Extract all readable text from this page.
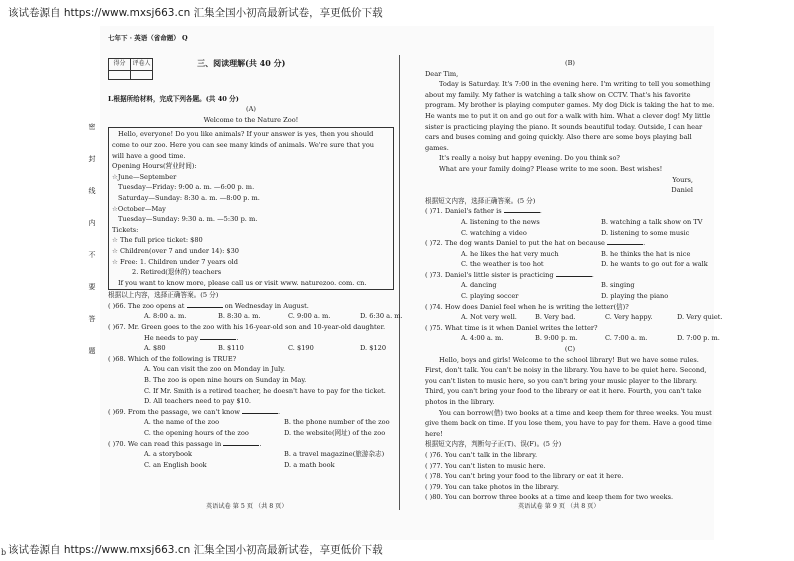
该试卷源自 https://www.mxsj663.cn 汇集全国小初高最新试卷，享更低价下载
七年下 · 英语（省命题） Q
密
封
线
内
不
要
答
题
得分	评卷人
		三、阅读理解(共 40 分)
Ⅰ.根据所给材料，完成下列各题。(共 40 分)
(A)
Welcome to the Nature Zoo!
Hello, everyone! Do you like animals? If your answer is yes, then you should
come to our zoo. Here you can see many kinds of animals. We're sure that you
will have a good time.
Opening Hours(营业时间):
☆June—September
Tuesday—Friday: 9:00 a. m. —6:00 p. m.
Saturday—Sunday: 8:30 a. m. —8:00 p. m.
☆October—May
Tuesday—Sunday: 9:30 a. m. —5:30 p. m.
Tickets:
☆ The full price ticket: $80
☆ Children(over 7 and under 14): $30
☆ Free: 1. Children under 7 years old
2. Retired(退休的) teachers
If you want to know more, please call us or visit www. naturezoo. com. cn.
根据以上内容，选择正确答案。(5 分)
( )66. The zoo opens at	on Wednesday in August.
A. 8:00 a. m.	B. 8:30 a. m.	C. 9:00 a. m.	D. 6:30 a. m.
( )67. Mr. Green goes to the zoo with his 16-year-old son and 10-year-old daughter.
He needs to pay	.
A. $80	B. $110	C. $190	D. $120
( )68. Which of the following is TRUE?
A. You can visit the zoo on Monday in July.
B. The zoo is open nine hours on Sunday in May.
C. If Mr. Smith is a retired teacher, he doesn't have to pay for the ticket.
D. All teachers need to pay $10.
( )69. From the passage, we can't know	.
A. the name of the zoo	B. the phone number of the zoo
C. the opening hours of the zoo	D. the website(网址) of the zoo
( )70. We can read this passage in	.
A. a storybook	B. a travel magazine(旅游杂志)
C. an English book	D. a math book
(B)
Dear Tim,
Today is Saturday. It's 7:00 in the evening here. I'm writing to tell you something about my family. My father is watching a talk show on CCTV. That's his favorite program. My brother is playing computer games. My dog Dick is taking the hat to me. He wants me to put it on and go out for a walk with him. What a clever dog! My little sister is practicing playing the piano. It sounds beautiful today. Outside, I can hear cars and buses coming and going quickly. Also there are some boys playing ball games.
It's really a noisy but happy evening. Do you think so?
What are your family doing? Please write to me soon. Best wishes!
Yours,
Daniel
根据短文内容，选择正确答案。(5 分)
( )71. Daniel's father is	.
A. listening to the news	B. watching a talk show on TV
C. watching a video	D. listening to some music
( )72. The dog wants Daniel to put the hat on because	.
A. he likes the hat very much	B. he thinks the hat is nice
C. the weather is too hot	D. he wants to go out for a walk
( )73. Daniel's little sister is practicing	.
A. dancing	B. singing
C. playing soccer	D. playing the piano
( )74. How does Daniel feel when he is writing the letter(信)?
A. Not very well.	B. Very bad.	C. Very happy.	D. Very quiet.
( )75. What time is it when Daniel writes the letter?
A. 4:00 a. m.	B. 9:00 p. m.	C. 7:00 a. m.	D. 7:00 p. m.
(C)
Hello, boys and girls! Welcome to the school library! But we have some rules. First, don't talk. You can't be noisy in the library. You have to be quiet here. Second, you can't listen to music here, so you can't bring your music player to the library. Third, you can't bring your food to the library or eat it here. Fourth, you can't take photos in the library.
You can borrow(借) two books at a time and keep them for three weeks. You must give them back on time. If you lose them, you have to pay for them. Have a good time here!
根据短文内容，判断句子正(T)、误(F)。(5 分)
( )76. You can't talk in the library.
( )77. You can't listen to music here.
( )78. You can't bring your food to the library or eat it here.
( )79. You can take photos in the library.
( )80. You can borrow three books at a time and keep them for two weeks.
英语试卷 第 5 页 （共 8 页）	英语试卷 第 9 页 （共 8 页）
该试卷源自 https://www.mxsj663.cn 汇集全国小初高最新试卷，享更低价下载
b
